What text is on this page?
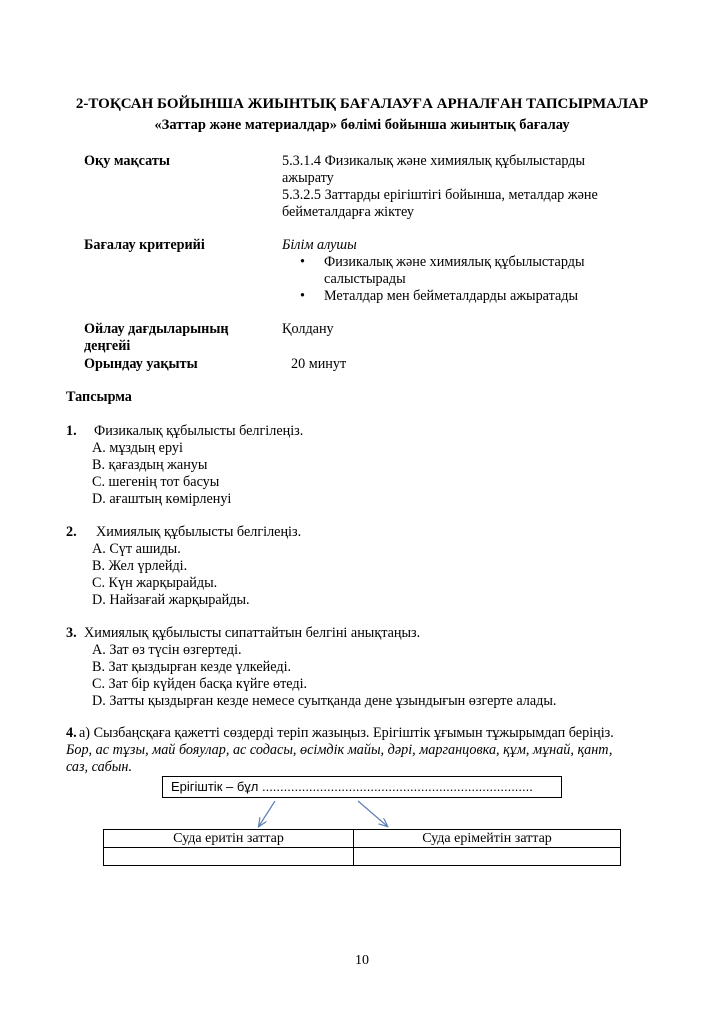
2-ТОҚСАН БОЙЫНША ЖИЫНТЫҚ БАҒАЛАУҒА АРНАЛҒАН ТАПСЫРМАЛАР
«Заттар және материалдар» бөлімі бойынша жиынтық бағалау
Оқу мақсаты	5.3.1.4 Физикалық және химиялық құбылыстарды
ажырату
5.3.2.5 Заттарды ерігіштігі бойынша, металдар және
бейметалдарға жіктеу
Бағалау критерийі	Білім алушы
•	Физикалық және химиялық құбылыстарды
салыстырады
•	Металдар мен бейметалдарды ажыратады
Ойлау дағдыларының
деңгейі
Қолдану
Орындау уақыты	20 минут
Тапсырма
1. Физикалық құбылысты белгілеңіз.
A. мұздың еруі
B. қағаздың жануы
C. шегенің тот басуы
D. ағаштың көмірленуі
2. Химиялық құбылысты белгілеңіз.
A. Сүт ашиды.
B. Жел үрлейді.
C. Күн жарқырайды.
D. Найзағай жарқырайды.
3. Химиялық құбылысты сипаттайтын белгіні анықтаңыз.
A. Зат өз түсін өзгертеді.
B. Зат қыздырған кезде үлкейеді.
C. Зат бір күйден басқа күйге өтеді.
D. Затты қыздырған кезде немесе суытқанда дене ұзындығын өзгерте алады.
4. а) Сызбаңсқаға қажетті сөздерді теріп жазыңыз. Ерігіштік ұғымын тұжырымдап беріңіз.
Бор, ас тұзы, май бояулар, ас содасы, өсімдік майы, дәрі, марганцовка, құм, мұнай, қант,
саз, сабын.
Ерігіштік – бұл ...........................................................................
Суда еритін заттар	Суда ерімейтін заттар

10
